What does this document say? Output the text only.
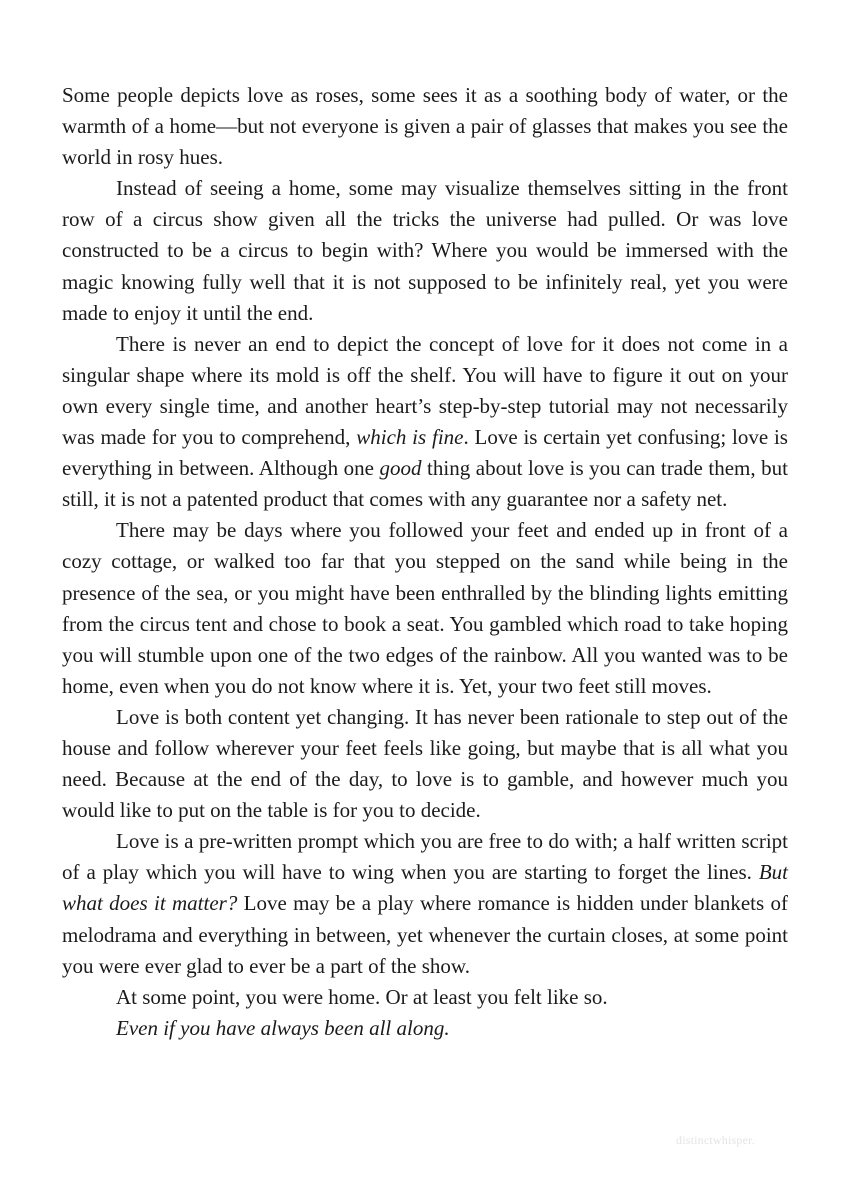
Some people depicts love as roses, some sees it as a soothing body of water, or the warmth of a home—but not everyone is given a pair of glasses that makes you see the world in rosy hues.

Instead of seeing a home, some may visualize themselves sitting in the front row of a circus show given all the tricks the universe had pulled. Or was love constructed to be a circus to begin with? Where you would be immersed with the magic knowing fully well that it is not supposed to be infinitely real, yet you were made to enjoy it until the end.

There is never an end to depict the concept of love for it does not come in a singular shape where its mold is off the shelf. You will have to figure it out on your own every single time, and another heart’s step-by-step tutorial may not necessarily was made for you to comprehend, which is fine. Love is certain yet confusing; love is everything in between. Although one good thing about love is you can trade them, but still, it is not a patented product that comes with any guarantee nor a safety net.

There may be days where you followed your feet and ended up in front of a cozy cottage, or walked too far that you stepped on the sand while being in the presence of the sea, or you might have been enthralled by the blinding lights emitting from the circus tent and chose to book a seat. You gambled which road to take hoping you will stumble upon one of the two edges of the rainbow. All you wanted was to be home, even when you do not know where it is. Yet, your two feet still moves.

Love is both content yet changing. It has never been rationale to step out of the house and follow wherever your feet feels like going, but maybe that is all what you need. Because at the end of the day, to love is to gamble, and however much you would like to put on the table is for you to decide.

Love is a pre-written prompt which you are free to do with; a half written script of a play which you will have to wing when you are starting to forget the lines. But what does it matter? Love may be a play where romance is hidden under blankets of melodrama and everything in between, yet whenever the curtain closes, at some point you were ever glad to ever be a part of the show.

At some point, you were home. Or at least you felt like so.

Even if you have always been all along.

distinctwhisper.
